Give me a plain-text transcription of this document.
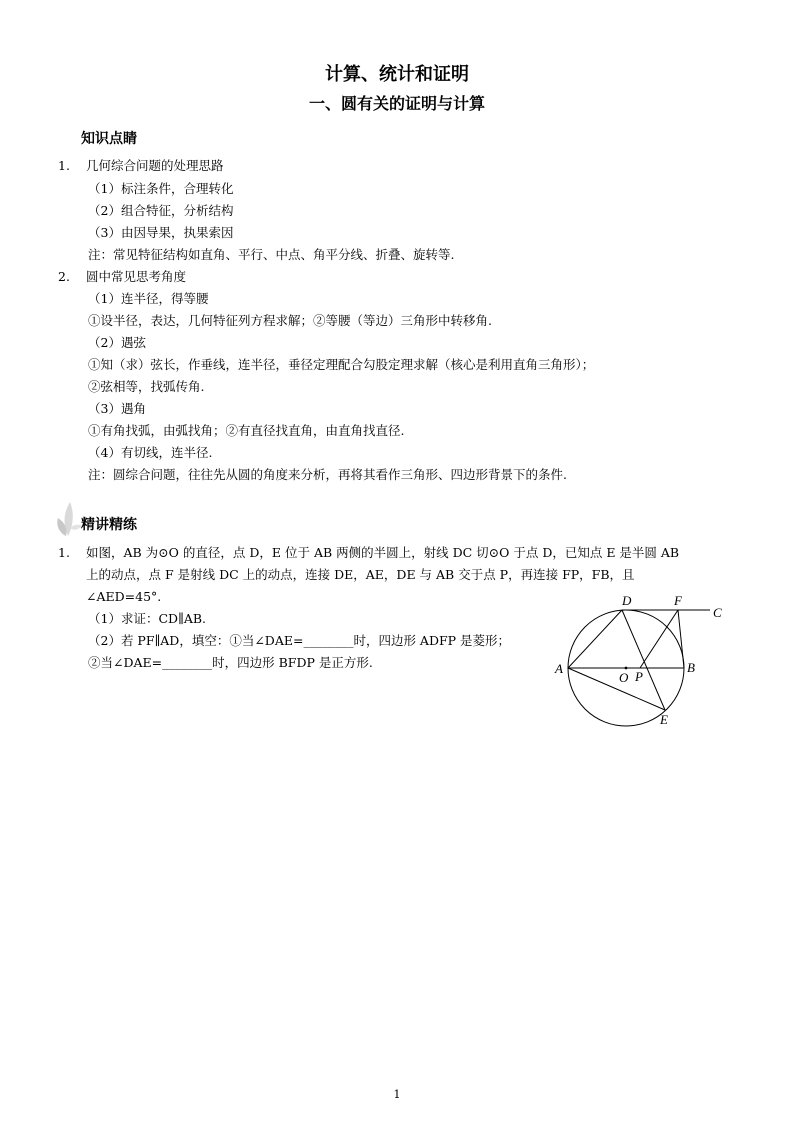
计算、统计和证明
一、圆有关的证明与计算
知识点睛
1. 几何综合问题的处理思路
（1）标注条件，合理转化
（2）组合特征，分析结构
（3）由因导果，执果索因
注：常见特征结构如直角、平行、中点、角平分线、折叠、旋转等.
2. 圆中常见思考角度
（1）连半径，得等腰
①设半径，表达，几何特征列方程求解；②等腰（等边）三角形中转移角.
（2）遇弦
①知（求）弦长，作垂线，连半径，垂径定理配合勾股定理求解（核心是利用直角三角形）；
②弦相等，找弧传角.
（3）遇角
①有角找弧，由弧找角；②有直径找直角，由直角找直径.
（4）有切线，连半径.
注：圆综合问题，往往先从圆的角度来分析，再将其看作三角形、四边形背景下的条件.
精讲精练
1. 如图，AB 为⊙O 的直径，点 D，E 位于 AB 两侧的半圆上，射线 DC 切⊙O 于点 D，已知点 E 是半圆 AB
上的动点，点 F 是射线 DC 上的动点，连接 DE，AE，DE 与 AB 交于点 P，再连接 FP，FB，且
∠AED=45°.
（1）求证：CD∥AB.
（2）若 PF∥AD，填空：①当∠DAE=________时，四边形 ADFP 是菱形；
②当∠DAE=________时，四边形 BFDP 是正方形.	A	B
C
D
E
F
O P
1
